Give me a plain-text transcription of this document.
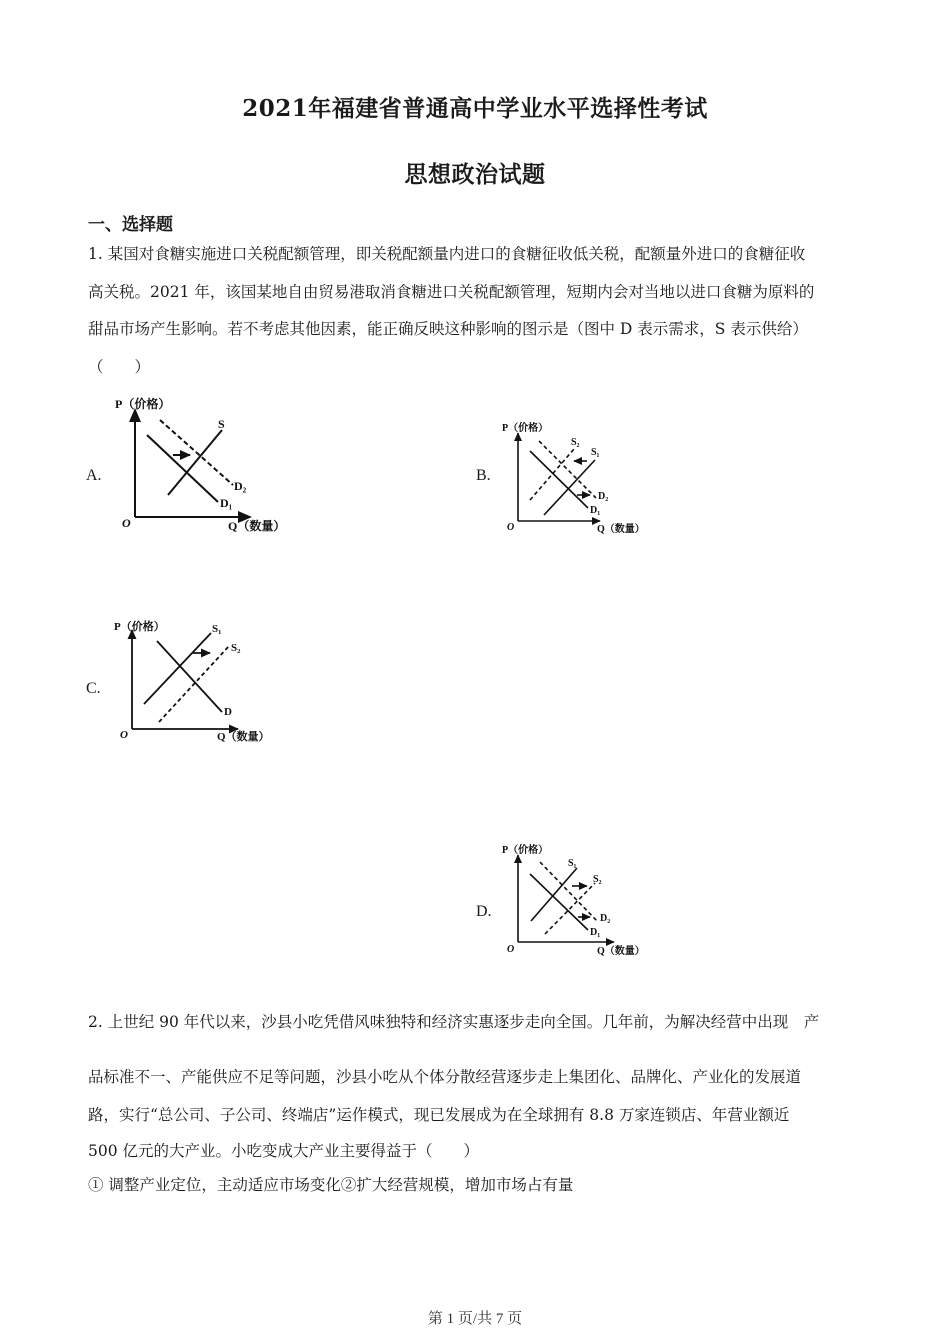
2021年福建省普通高中学业水平选择性考试
思想政治试题
一、选择题
1. 某国对食糖实施进口关税配额管理，即关税配额量内进口的食糖征收低关税，配额量外进口的食糖征收
高关税。2021 年，该国某地自由贸易港取消食糖进口关税配额管理，短期内会对当地以进口食糖为原料的
甜品市场产生影响。若不考虑其他因素，能正确反映这种影响的图示是（图中 D 表示需求，S 表示供给）
（　　）
A.
P（价格）
O	Q（数量）
S
D₂
D₁
B.
P（价格）
O	Q（数量）
S₂
S₁
D₂
D₁
C.
P（价格）
O	Q（数量）
S₁
S₂
D
D.
P（价格）
O	Q（数量）
S₁
S₂
D₂
D₁
2. 上世纪 90 年代以来，沙县小吃凭借风味独特和经济实惠逐步走向全国。几年前，为解决经营中出现　产
品标准不一、产能供应不足等问题，沙县小吃从个体分散经营逐步走上集团化、品牌化、产业化的发展道
路，实行“总公司、子公司、终端店”运作模式，现已发展成为在全球拥有 8.8 万家连锁店、年营业额近
500 亿元的大产业。小吃变成大产业主要得益于（　　）
① 调整产业定位，主动适应市场变化②扩大经营规模，增加市场占有量
第 1 页/共 7 页
